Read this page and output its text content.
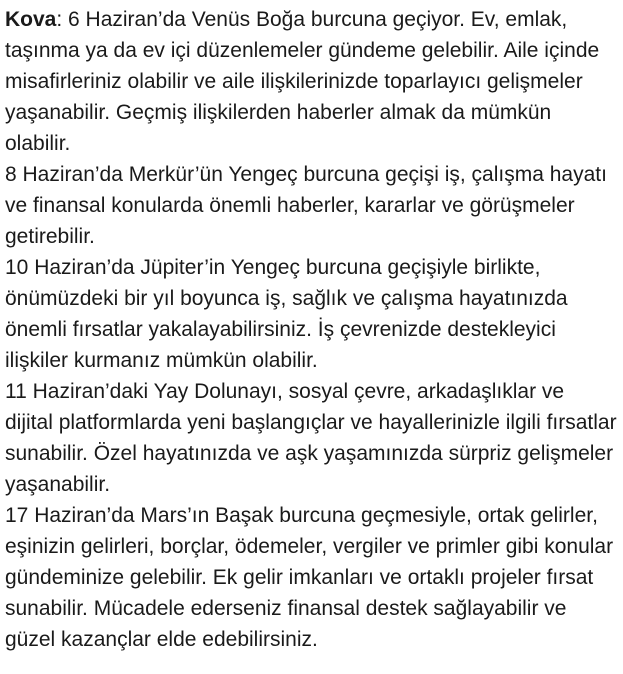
Kova: 6 Haziran’da Venüs Boğa burcuna geçiyor. Ev, emlak, taşınma ya da ev içi düzenlemeler gündeme gelebilir. Aile içinde misafirleriniz olabilir ve aile ilişkilerinizde toparlayıcı gelişmeler yaşanabilir. Geçmiş ilişkilerden haberler almak da mümkün olabilir.

8 Haziran’da Merkür’ün Yengeç burcuna geçişi iş, çalışma hayatı ve finansal konularda önemli haberler, kararlar ve görüşmeler getirebilir.

10 Haziran’da Jüpiter’in Yengeç burcuna geçişiyle birlikte, önümüzdeki bir yıl boyunca iş, sağlık ve çalışma hayatınızda önemli fırsatlar yakalayabilirsiniz. İş çevrenizde destekleyici ilişkiler kurmanız mümkün olabilir.

11 Haziran’daki Yay Dolunayı, sosyal çevre, arkadaşlıklar ve dijital platformlarda yeni başlangıçlar ve hayallerinizle ilgili fırsatlar sunabilir. Özel hayatınızda ve aşk yaşamınızda sürpriz gelişmeler yaşanabilir.

17 Haziran’da Mars’ın Başak burcuna geçmesiyle, ortak gelirler, eşinizin gelirleri, borçlar, ödemeler, vergiler ve primler gibi konular gündeminize gelebilir. Ek gelir imkanları ve ortaklı projeler fırsat sunabilir. Mücadele ederseniz finansal destek sağlayabilir ve güzel kazançlar elde edebilirsiniz.
